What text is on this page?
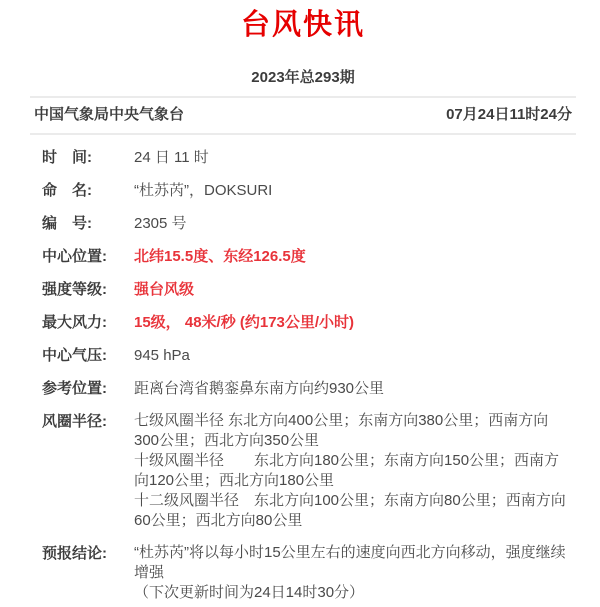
台风快讯
2023年总293期
中国气象局中央气象台	07月24日11时24分
时　间:	24 日 11 时
命　名:	“杜苏芮”，DOKSURI
编　号:	2305 号
中心位置:	北纬15.5度、东经126.5度
强度等级:	强台风级
最大风力:	15级， 48米/秒 (约173公里/小时)
中心气压:	945 hPa
参考位置:	距离台湾省鹅銮鼻东南方向约930公里
风圈半径:	七级风圈半径 东北方向400公里；东南方向380公里；西南方向300公里；西北方向350公里

十级风圈半径　　东北方向180公里；东南方向150公里；西南方向120公里；西北方向180公里

十二级风圈半径　东北方向100公里；东南方向80公里；西南方向60公里；西北方向80公里

预报结论:	“杜苏芮”将以每小时15公里左右的速度向西北方向移动，强度继续增强

（下次更新时间为24日14时30分）
